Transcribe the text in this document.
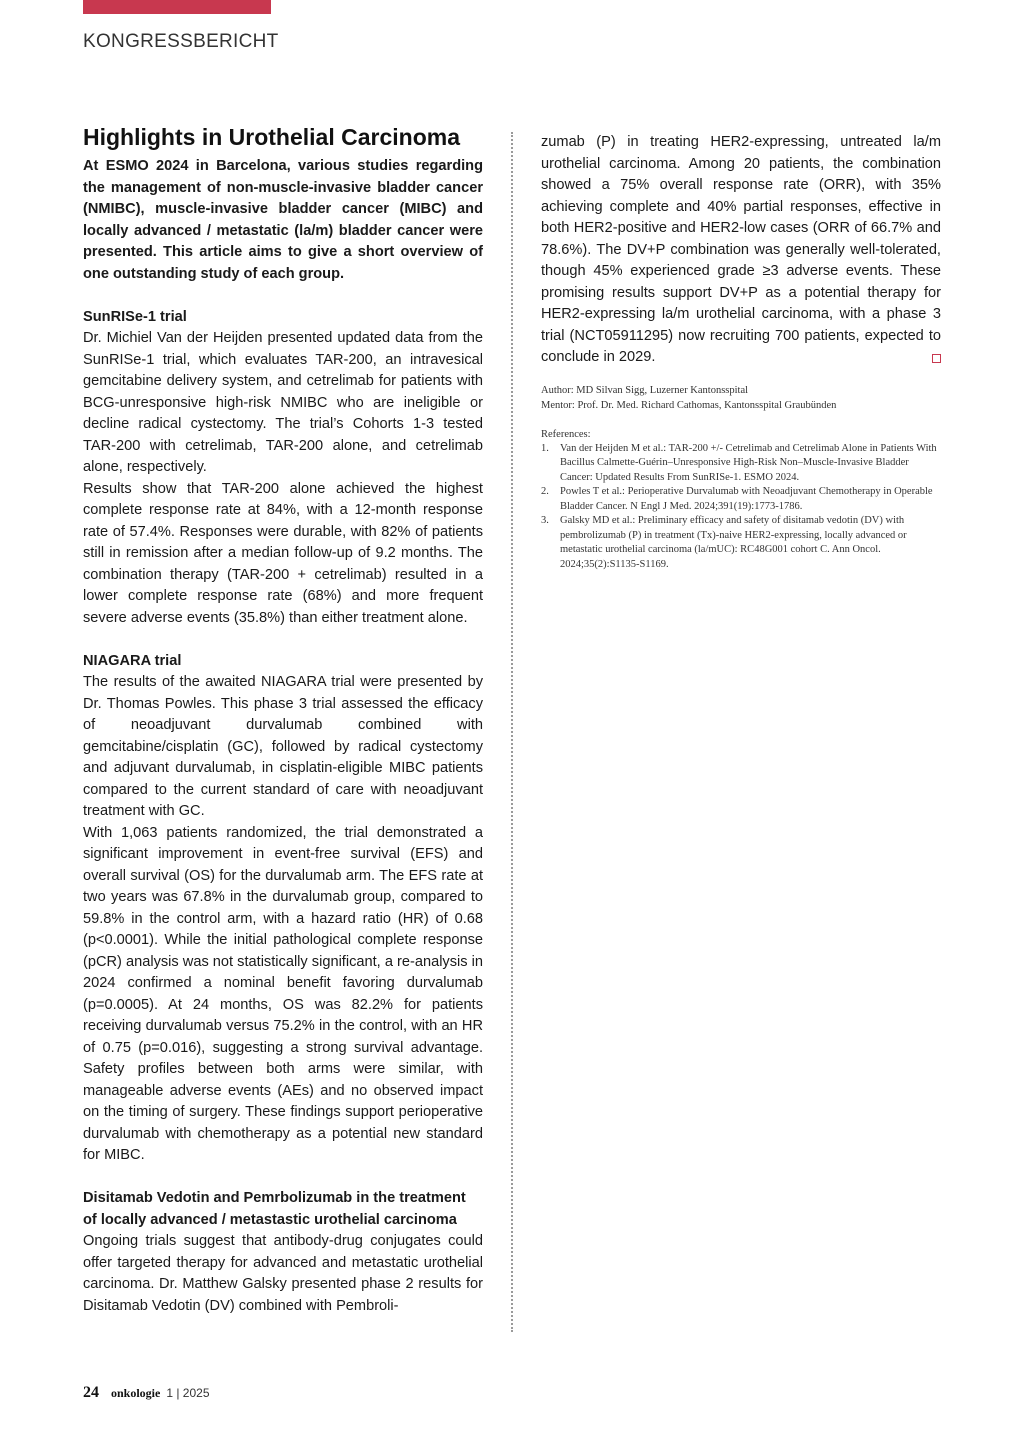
KONGRESSBERICHT
Highlights in Urothelial Carcinoma

At ESMO 2024 in Barcelona, various studies regarding the management of non-muscle-invasive bladder cancer (NMIBC), muscle-invasive bladder cancer (MIBC) and locally advanced / metastatic (la/m) bladder cancer were presented. This article aims to give a short overview of one outstanding study of each group.

SunRISe-1 trial

Dr. Michiel Van der Heijden presented updated data from the SunRISe-1 trial, which evaluates TAR-200, an intravesical gemcitabine delivery system, and cetrelimab for patients with BCG-unresponsive high-risk NMIBC who are ineligible or decline radical cystectomy. The trial’s Cohorts 1-3 tested TAR-200 with cetrelimab, TAR-200 alone, and cetrelimab alone, respectively.

Results show that TAR-200 alone achieved the highest complete response rate at 84%, with a 12-month response rate of 57.4%. Responses were durable, with 82% of patients still in remission after a median follow-up of 9.2 months. The combination therapy (TAR-200 + cetrelimab) resulted in a lower complete response rate (68%) and more frequent severe adverse events (35.8%) than either treatment alone.

NIAGARA trial

The results of the awaited NIAGARA trial were presented by Dr. Thomas Powles. This phase 3 trial assessed the efficacy of neoadjuvant durvalumab combined with gemcitabine/cisplatin (GC), followed by radical cystectomy and adjuvant durvalumab, in cisplatin-eligible MIBC patients compared to the current standard of care with neoadjuvant treatment with GC.

With 1,063 patients randomized, the trial demonstrated a significant improvement in event-free survival (EFS) and overall survival (OS) for the durvalumab arm. The EFS rate at two years was 67.8% in the durvalumab group, compared to 59.8% in the control arm, with a hazard ratio (HR) of 0.68 (p<0.0001). While the initial pathological complete response (pCR) analysis was not statistically significant, a re-analysis in 2024 confirmed a nominal benefit favoring durvalumab (p=0.0005). At 24 months, OS was 82.2% for patients receiving durvalumab versus 75.2% in the control, with an HR of 0.75 (p=0.016), suggesting a strong survival advantage. Safety profiles between both arms were similar, with manageable adverse events (AEs) and no observed impact on the timing of surgery. These findings support perioperative durvalumab with chemotherapy as a potential new standard for MIBC.

Disitamab Vedotin and Pemrbolizumab in the treatment of locally advanced / metastastic urothelial carcinoma

Ongoing trials suggest that antibody-drug conjugates could offer targeted therapy for advanced and metastatic urothelial carcinoma. Dr. Matthew Galsky presented phase 2 results for Disitamab Vedotin (DV) combined with Pembroli-

zumab (P) in treating HER2-expressing, untreated la/m urothelial carcinoma. Among 20 patients, the combination showed a 75% overall response rate (ORR), with 35% achieving complete and 40% partial responses, effective in both HER2-positive and HER2-low cases (ORR of 66.7% and 78.6%). The DV+P combination was generally well-tolerated, though 45% experienced grade ≥3 adverse events. These promising results support DV+P as a potential therapy for HER2-expressing la/m urothelial carcinoma, with a phase 3 trial (NCT05911295) now recruiting 700 patients, expected to conclude in 2029.

Author: MD Silvan Sigg, Luzerner Kantonsspital
Mentor: Prof. Dr. Med. Richard Cathomas, Kantonsspital Graubünden
References:
1. Van der Heijden M et al.: TAR-200 +/- Cetrelimab and Cetrelimab Alone in Patients With Bacillus Calmette-Guérin–Unresponsive High-Risk Non–Muscle-Invasive Bladder Cancer: Updated Results From SunRISe-1. ESMO 2024.
2. Powles T et al.: Perioperative Durvalumab with Neoadjuvant Chemotherapy in Operable Bladder Cancer. N Engl J Med. 2024;391(19):1773-1786.
3. Galsky MD et al.: Preliminary efficacy and safety of disitamab vedotin (DV) with pembrolizumab (P) in treatment (Tx)-naive HER2-expressing, locally advanced or metastatic urothelial carcinoma (la/mUC): RC48G001 cohort C. Ann Oncol. 2024;35(2):S1135-S1169.
24 onkologie 1 | 2025
